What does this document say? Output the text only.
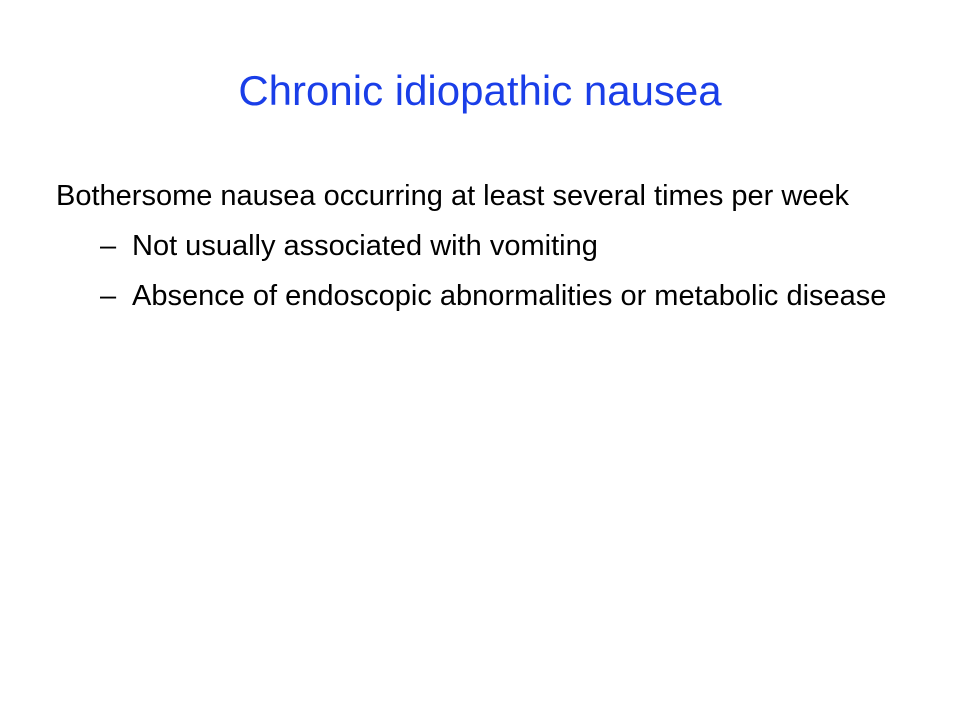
Chronic idiopathic nausea

Bothersome nausea occurring at least several times per week

– Not usually associated with vomiting
– Absence of endoscopic abnormalities or metabolic disease
